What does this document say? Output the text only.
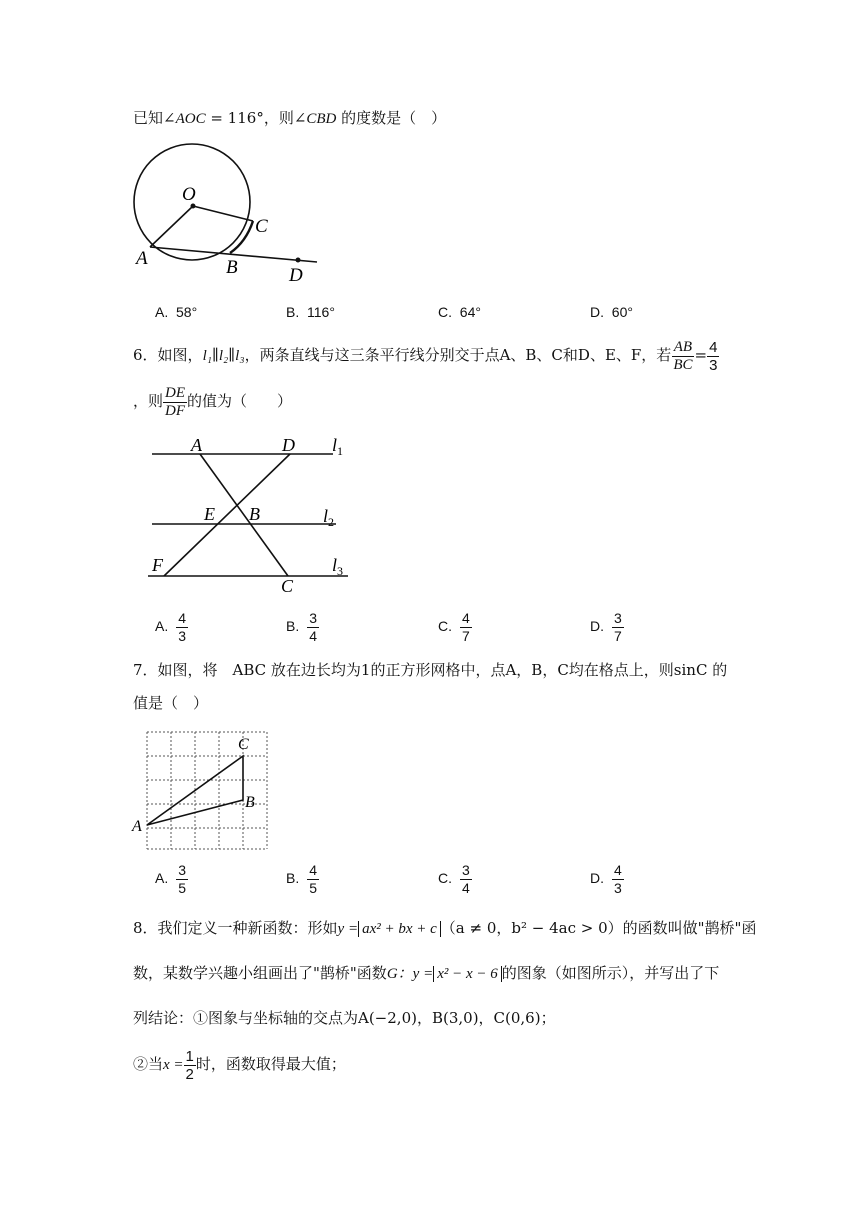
已知∠AOC = 116°，则∠CBD 的度数是（　）
O
C
A	B	D
A. 58°	B. 116°	C. 64°	D. 60°
6．如图，l₁∥l₂∥l₃，两条直线与这三条平行线分别交于点A、B、C和D、E、F，若 $\frac{AB}{BC} = \frac{4}{3}$
，则 $\frac{DE}{DF}$ 的值为（　　）
A	D $l_1$
E B	$l_2$
F
C
$l_3$
A. $\frac{4}{3}$	B. $\frac{3}{4}$	C. $\frac{4}{7}$	D. $\frac{3}{7}$
7．如图，将　ABC 放在边长均为1的正方形网格中，点A，B，C均在格点上，则sinC 的
值是（　）
C
B
A
A. $\frac{3}{5}$	B. $\frac{4}{5}$	C. $\frac{3}{4}$	D. $\frac{4}{3}$
8．我们定义一种新函数：形如y = ax² + bx + c （a ≠ 0，b² − 4ac > 0）的函数叫做"鹊桥"函
数，某数学兴趣小组画出了"鹊桥"函数G：y = x² − x − 6 的图象（如图所示），并写出了下
列结论：①图象与坐标轴的交点为A(−2,0)，B(3,0)，C(0,6)；
②当$x = \frac{1}{2}$ 时，函数取得最大值；
